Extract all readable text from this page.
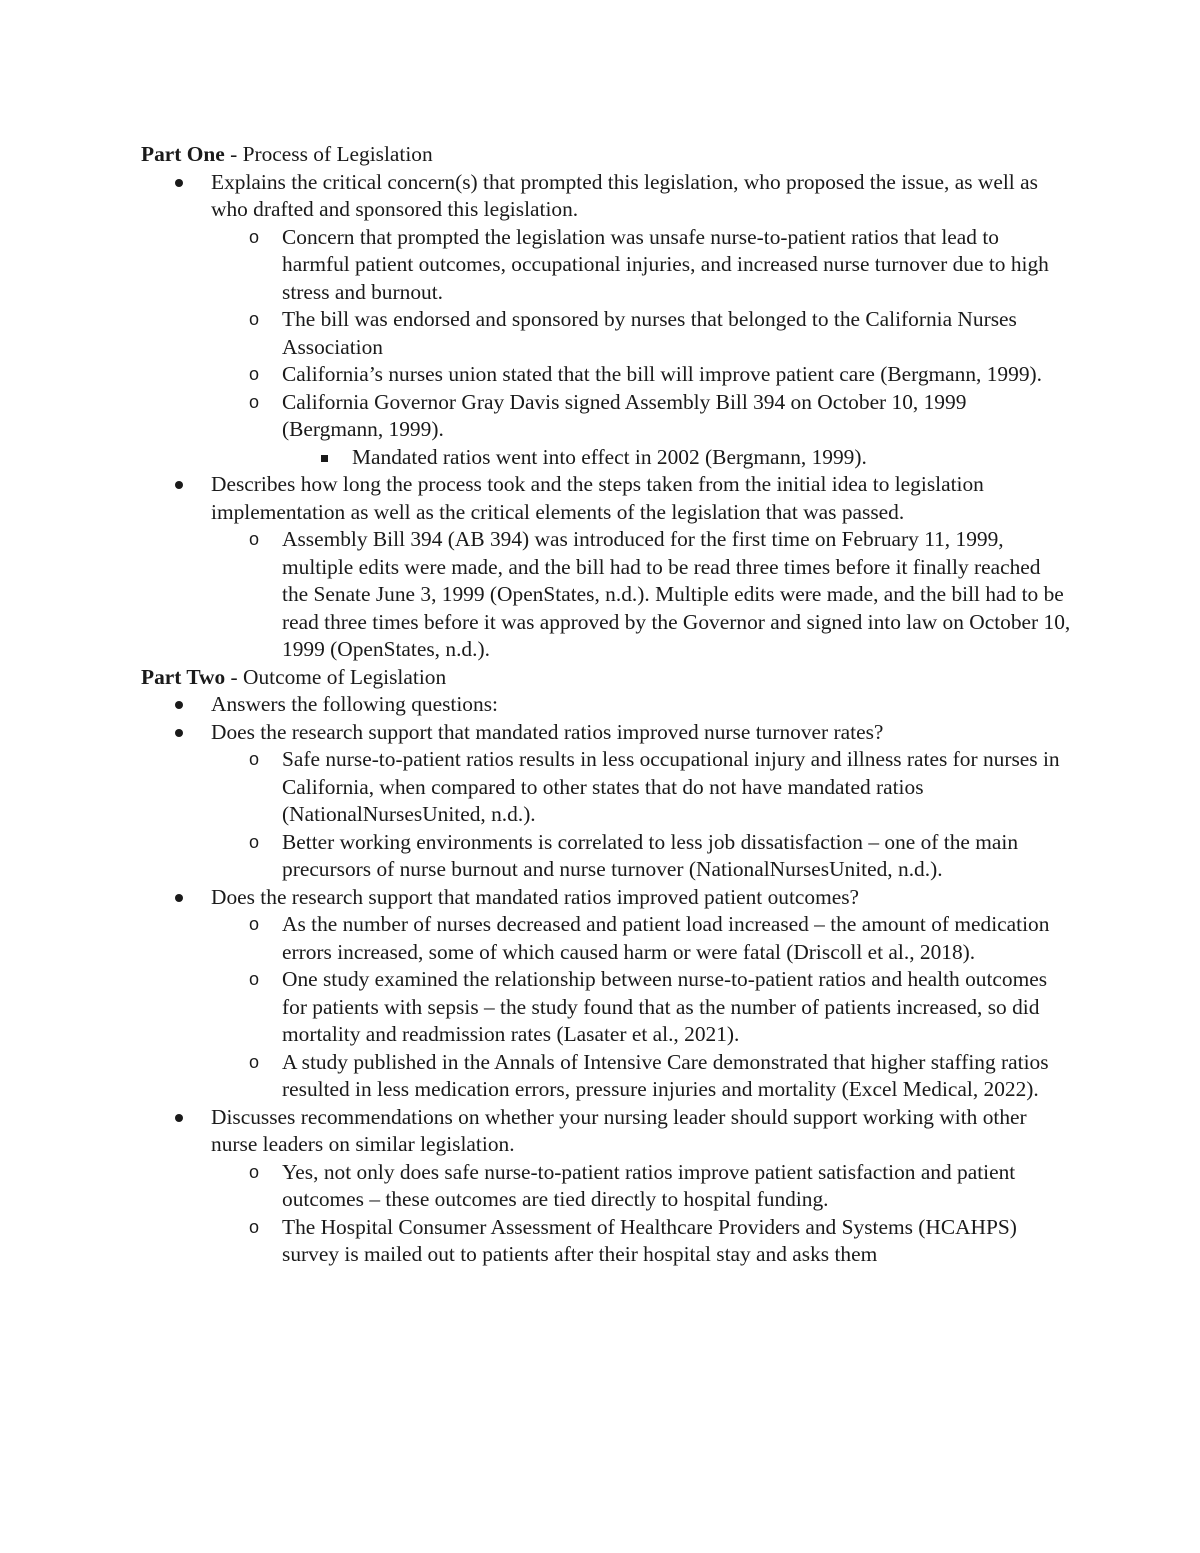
Part One - Process of Legislation

Explains the critical concern(s) that prompted this legislation, who proposed the issue, as well as who drafted and sponsored this legislation.
o Concern that prompted the legislation was unsafe nurse-to-patient ratios that lead to harmful patient outcomes, occupational injuries, and increased nurse turnover due to high stress and burnout.
o The bill was endorsed and sponsored by nurses that belonged to the California Nurses Association
o California’s nurses union stated that the bill will improve patient care (Bergmann, 1999).
o California Governor Gray Davis signed Assembly Bill 394 on October 10, 1999 (Bergmann, 1999).
Mandated ratios went into effect in 2002 (Bergmann, 1999).
Describes how long the process took and the steps taken from the initial idea to legislation implementation as well as the critical elements of the legislation that was passed.
o Assembly Bill 394 (AB 394) was introduced for the first time on February 11, 1999, multiple edits were made, and the bill had to be read three times before it finally reached the Senate June 3, 1999 (OpenStates, n.d.). Multiple edits were made, and the bill had to be read three times before it was approved by the Governor and signed into law on October 10, 1999 (OpenStates, n.d.).

Part Two - Outcome of Legislation

Answers the following questions:
Does the research support that mandated ratios improved nurse turnover rates?
o Safe nurse-to-patient ratios results in less occupational injury and illness rates for nurses in California, when compared to other states that do not have mandated ratios (NationalNursesUnited, n.d.).
o Better working environments is correlated to less job dissatisfaction – one of the main precursors of nurse burnout and nurse turnover (NationalNursesUnited, n.d.).
Does the research support that mandated ratios improved patient outcomes?
o As the number of nurses decreased and patient load increased – the amount of medication errors increased, some of which caused harm or were fatal (Driscoll et al., 2018).
o One study examined the relationship between nurse-to-patient ratios and health outcomes for patients with sepsis – the study found that as the number of patients increased, so did mortality and readmission rates (Lasater et al., 2021).
o A study published in the Annals of Intensive Care demonstrated that higher staffing ratios resulted in less medication errors, pressure injuries and mortality (Excel Medical, 2022).
Discusses recommendations on whether your nursing leader should support working with other nurse leaders on similar legislation.
o Yes, not only does safe nurse-to-patient ratios improve patient satisfaction and patient outcomes – these outcomes are tied directly to hospital funding.
o The Hospital Consumer Assessment of Healthcare Providers and Systems (HCAHPS) survey is mailed out to patients after their hospital stay and asks them
